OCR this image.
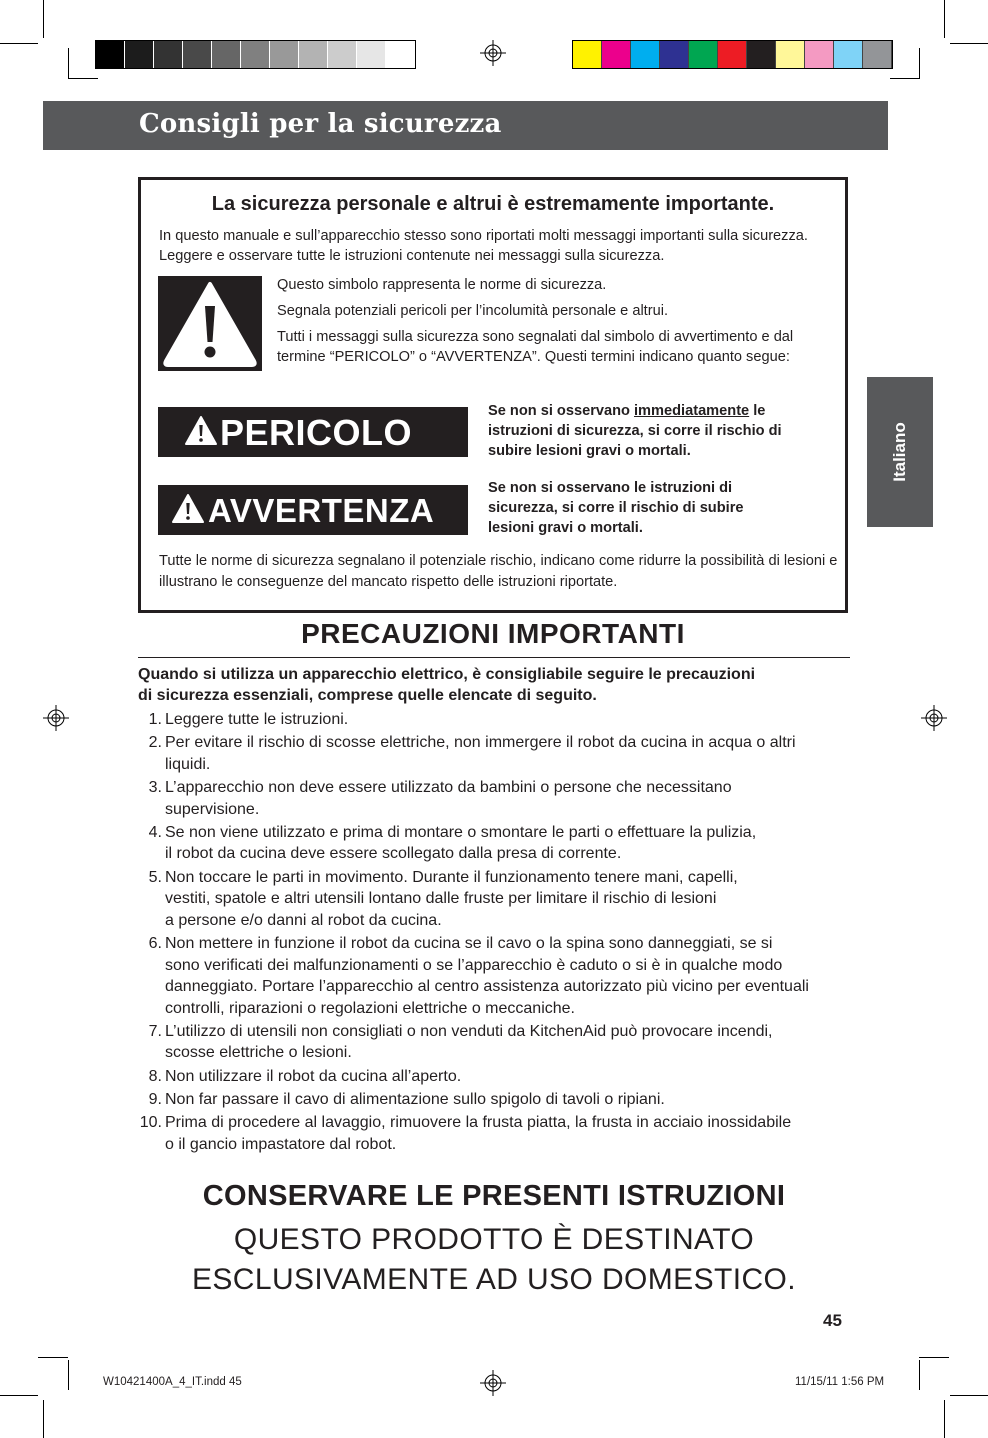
Consigli per la sicurezza
Italiano
La sicurezza personale e altrui è estremamente importante.
In questo manuale e sull’apparecchio stesso sono riportati molti messaggi importanti sulla sicurezza. Leggere e osservare tutte le istruzioni contenute nei messaggi sulla sicurezza.

Questo simbolo rappresenta le norme di sicurezza.

Segnala potenziali pericoli per l’incolumità personale e altrui.

Tutti i messaggi sulla sicurezza sono segnalati dal simbolo di avvertimento e dal termine “PERICOLO” o “AVVERTENZA”. Questi termini indicano quanto segue:

PERICOLO
Se non si osservano immediatamente le istruzioni di sicurezza, si corre il rischio di subire lesioni gravi o mortali.
AVVERTENZA
Se non si osservano le istruzioni di sicurezza, si corre il rischio di subire lesioni gravi o mortali.
Tutte le norme di sicurezza segnalano il potenziale rischio, indicano come ridurre la possibilità di lesioni e illustrano le conseguenze del mancato rispetto delle istruzioni riportate.
PRECAUZIONI IMPORTANTI
Quando si utilizza un apparecchio elettrico, è consigliabile seguire le precauzioni
di sicurezza essenziali, comprese quelle elencate di seguito.
1. Leggere tutte le istruzioni.
2. Per evitare il rischio di scosse elettriche, non immergere il robot da cucina in acqua o altri
liquidi.
3. L’apparecchio non deve essere utilizzato da bambini o persone che necessitano
supervisione.
4. Se non viene utilizzato e prima di montare o smontare le parti o effettuare la pulizia,
il robot da cucina deve essere scollegato dalla presa di corrente.
5. Non toccare le parti in movimento. Durante il funzionamento tenere mani, capelli,
vestiti, spatole e altri utensili lontano dalle fruste per limitare il rischio di lesioni
a persone e/o danni al robot da cucina.
6. Non mettere in funzione il robot da cucina se il cavo o la spina sono danneggiati, se si
sono verificati dei malfunzionamenti o se l’apparecchio è caduto o si è in qualche modo
danneggiato. Portare l’apparecchio al centro assistenza autorizzato più vicino per eventuali
controlli, riparazioni o regolazioni elettriche o meccaniche.
7. L’utilizzo di utensili non consigliati o non venduti da KitchenAid può provocare incendi,
scosse elettriche o lesioni.
8. Non utilizzare il robot da cucina all’aperto.
9. Non far passare il cavo di alimentazione sullo spigolo di tavoli o ripiani.
10. Prima di procedere al lavaggio, rimuovere la frusta piatta, la frusta in acciaio inossidabile
o il gancio impastatore dal robot.
CONSERVARE LE PRESENTI ISTRUZIONI
QUESTO PRODOTTO È DESTINATO
ESCLUSIVAMENTE AD USO DOMESTICO.
45
W10421400A_4_IT.indd 45	11/15/11 1:56 PM
